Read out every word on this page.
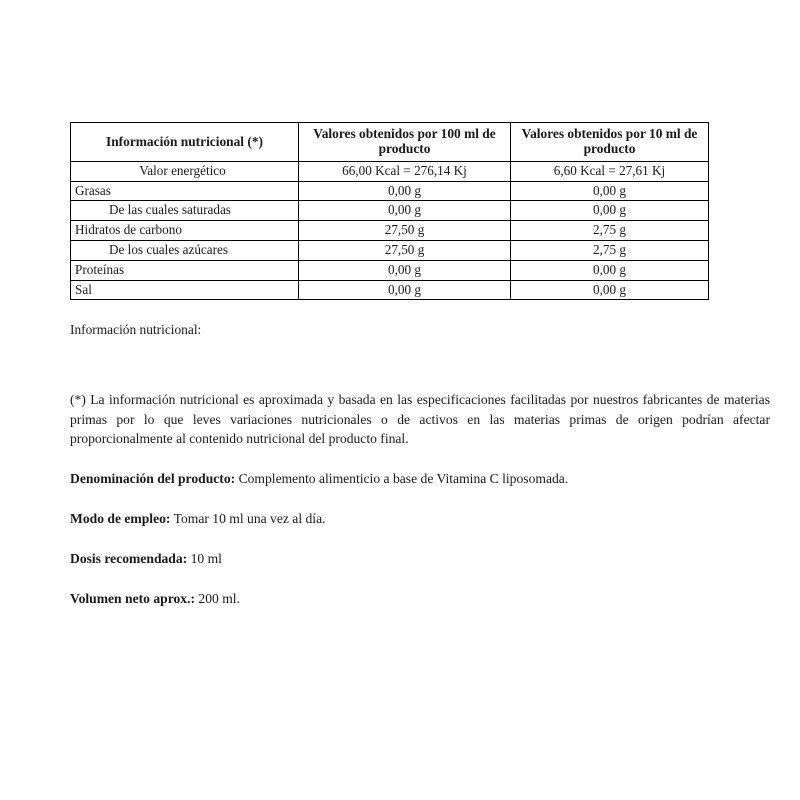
Información nutricional (*)	Valores obtenidos por 100 ml de producto	Valores obtenidos por 10 ml de producto
Valor energético	66,00 Kcal = 276,14 Kj	6,60 Kcal = 27,61 Kj
Grasas	0,00 g	0,00 g
De las cuales saturadas	0,00 g	0,00 g
Hidratos de carbono	27,50 g	2,75 g
De los cuales azúcares	27,50 g	2,75 g
Proteínas	0,00 g	0,00 g
Sal	0,00 g	0,00 g
Información nutricional:
(*) La información nutricional es aproximada y basada en las especificaciones facilitadas por nuestros fabricantes de materias primas por lo que leves variaciones nutricionales o de activos en las materias primas de origen podrían afectar proporcionalmente al contenido nutricional del producto final.
Denominación del producto: Complemento alimenticio a base de Vitamina C liposomada.
Modo de empleo: Tomar 10 ml una vez al día.
Dosis recomendada: 10 ml
Volumen neto aprox.: 200 ml.
